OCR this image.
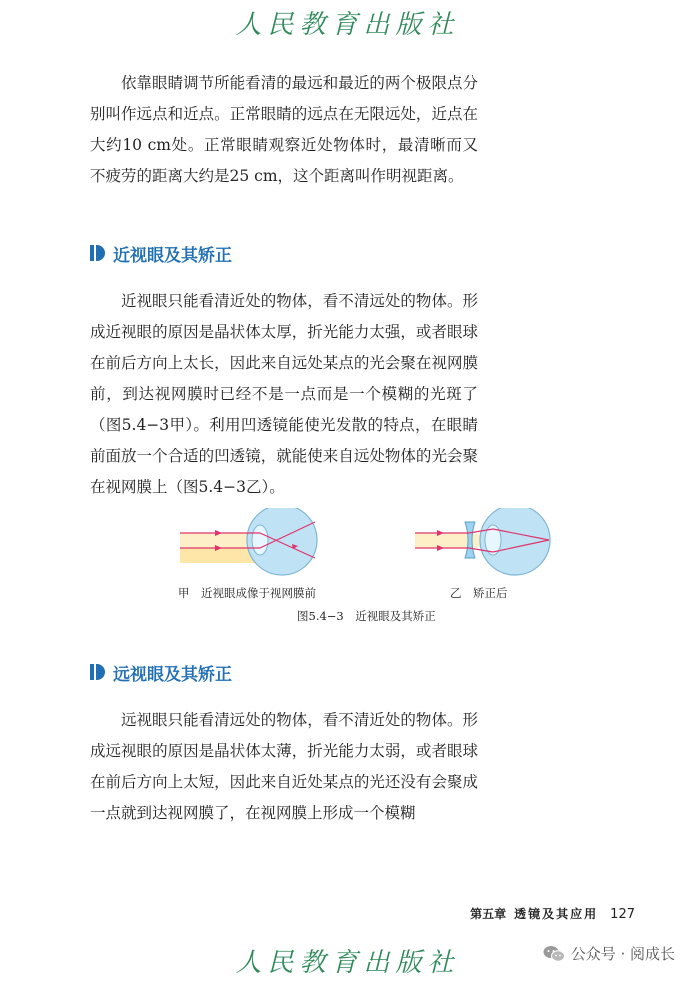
人民教育出版社

依靠眼睛调节所能看清的最远和最近的两个极限点分别叫作远点和近点。正常眼睛的远点在无限远处，近点在大约10 cm处。正常眼睛观察近处物体时，最清晰而又不疲劳的距离大约是25 cm，这个距离叫作明视距离。

近视眼及其矫正

近视眼只能看清近处的物体，看不清远处的物体。形成近视眼的原因是晶状体太厚，折光能力太强，或者眼球在前后方向上太长，因此来自远处某点的光会聚在视网膜前，到达视网膜时已经不是一点而是一个模糊的光斑了（图5.4−3甲）。利用凹透镜能使光发散的特点，在眼睛前面放一个合适的凹透镜，就能使来自远处物体的光会聚在视网膜上（图5.4−3乙）。

甲　近视眼成像于视网膜前	乙　矫正后
图5.4−3　近视眼及其矫正
远视眼及其矫正

远视眼只能看清远处的物体，看不清近处的物体。形成远视眼的原因是晶状体太薄，折光能力太弱，或者眼球在前后方向上太短，因此来自近处某点的光还没有会聚成一点就到达视网膜了，在视网膜上形成一个模糊

第五章 透镜及其应用 127
人民教育出版社	公众号 · 阅成长
